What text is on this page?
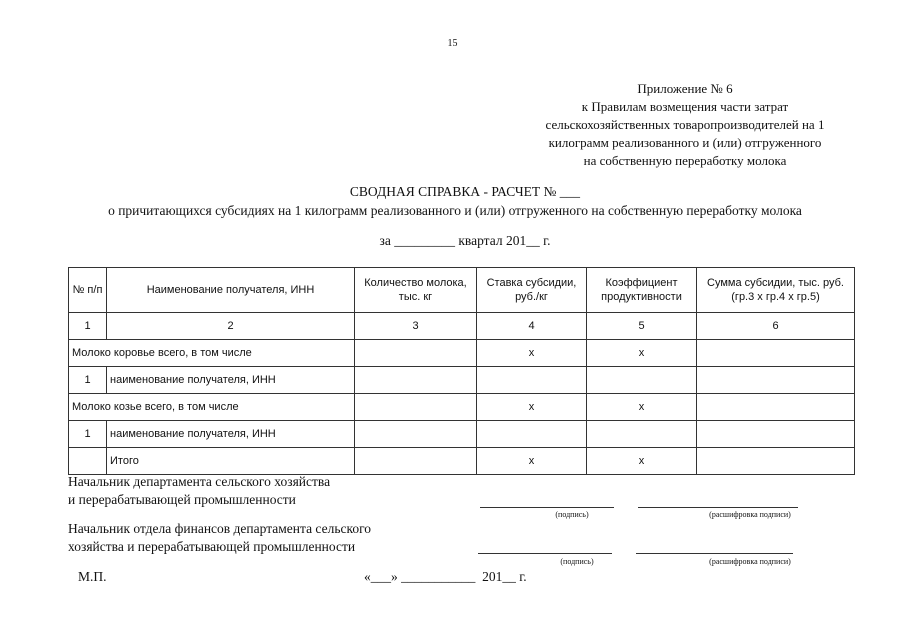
15
Приложение № 6
к Правилам возмещения части затрат
сельскохозяйственных товаропроизводителей на 1
килограмм реализованного и (или) отгруженного
на собственную переработку молока
СВОДНАЯ СПРАВКА - РАСЧЕТ № ___
о причитающихся субсидиях на 1 килограмм реализованного и (или) отгруженного на собственную переработку молока
за _________ квартал 201__ г.
№ п/п	Наименование получателя, ИНН	Количество молока, тыс. кг	Ставка субсидии, руб./кг	Коэффициент продуктивности	Сумма субсидии, тыс. руб. (гр.3 x гр.4 x гр.5)
1	2	3	4	5	6
Молоко коровье всего, в том числе			х	х	
1	наименование получателя, ИНН				
Молоко козье всего, в том числе			х	х	
1	наименование получателя, ИНН				
	Итого		х	х	
Начальник департамента сельского хозяйства
и перерабатывающей промышленности
(подпись)	(расшифровка подписи)
Начальник отдела финансов департамента сельского
хозяйства и перерабатывающей промышленности
(подпись)	(расшифровка подписи)
М.П.	«___» ___________  201__ г.
